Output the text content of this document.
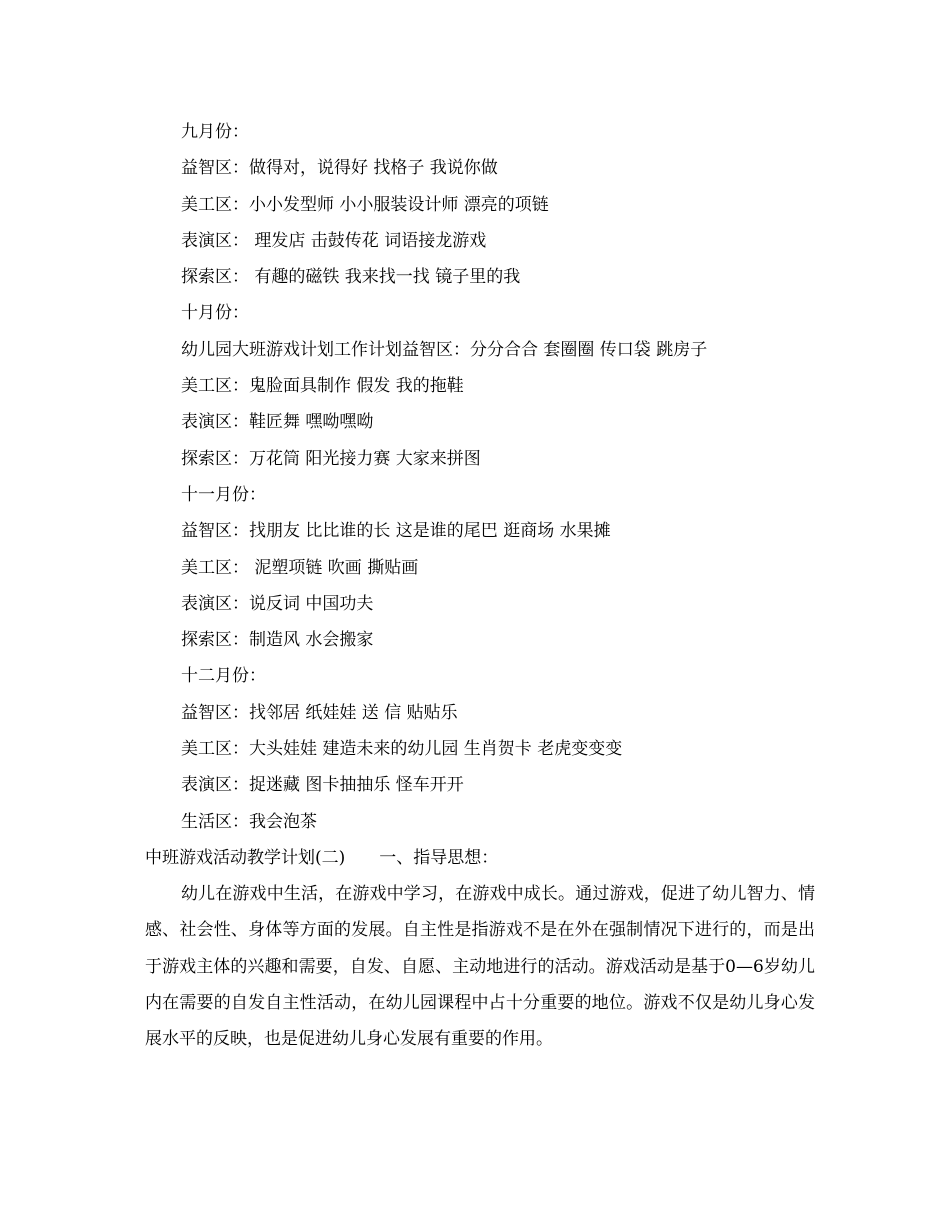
九月份：
益智区：做得对，说得好 找格子 我说你做
美工区：小小发型师 小小服装设计师 漂亮的项链
表演区： 理发店 击鼓传花 词语接龙游戏
探索区： 有趣的磁铁 我来找一找 镜子里的我
十月份：
幼儿园大班游戏计划工作计划益智区：分分合合 套圈圈 传口袋 跳房子
美工区：鬼脸面具制作 假发 我的拖鞋
表演区：鞋匠舞 嘿呦嘿呦
探索区：万花筒 阳光接力赛 大家来拼图
十一月份：
益智区：找朋友 比比谁的长 这是谁的尾巴 逛商场 水果摊
美工区： 泥塑项链 吹画 撕贴画
表演区：说反词 中国功夫
探索区：制造风 水会搬家
十二月份：
益智区：找邻居 纸娃娃 送 信 贴贴乐
美工区：大头娃娃 建造未来的幼儿园 生肖贺卡 老虎变变变
表演区：捉迷藏 图卡抽抽乐 怪车开开
生活区：我会泡茶
中班游戏活动教学计划(二)　　一、指导思想：
幼儿在游戏中生活，在游戏中学习，在游戏中成长。通过游戏，促进了幼儿智力、情感、社会性、身体等方面的发展。自主性是指游戏不是在外在强制情况下进行的，而是出于游戏主体的兴趣和需要，自发、自愿、主动地进行的活动。游戏活动是基于0—6岁幼儿内在需要的自发自主性活动，在幼儿园课程中占十分重要的地位。游戏不仅是幼儿身心发展水平的反映，也是促进幼儿身心发展有重要的作用。
